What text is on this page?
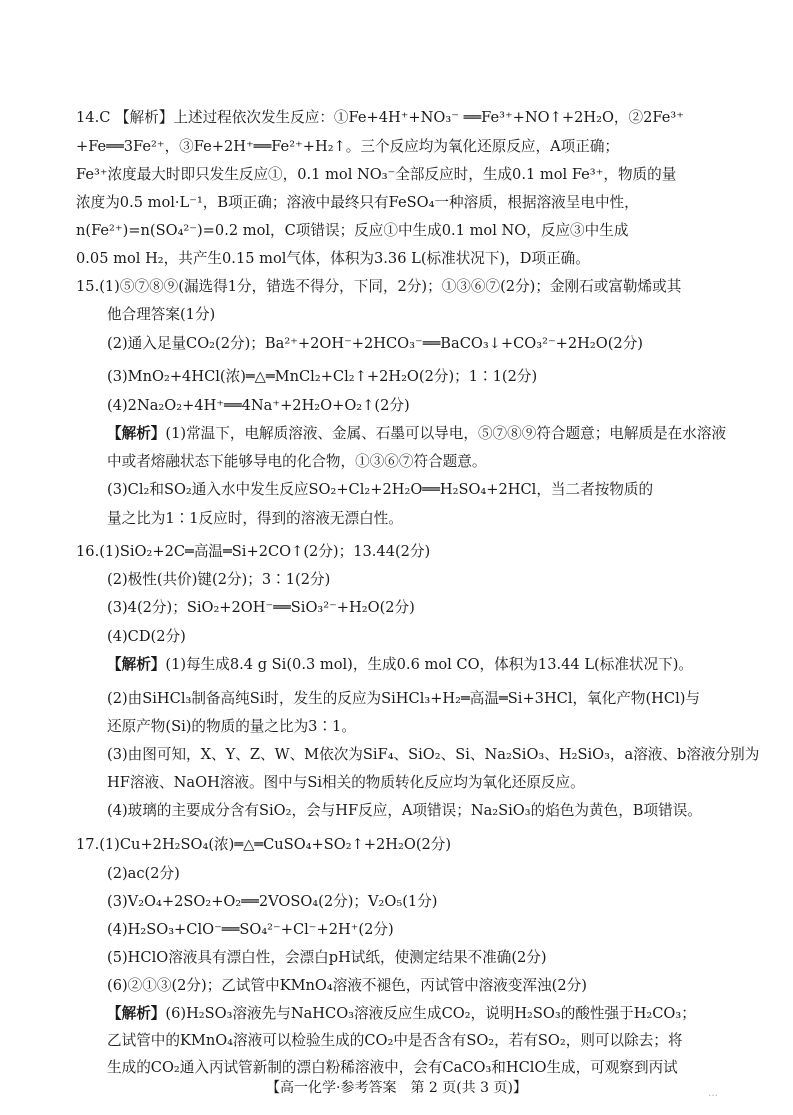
14.C 【解析】上述过程依次发生反应：①Fe+4H⁺+NO₃⁻ ══Fe³⁺+NO↑+2H₂O，②2Fe³⁺
+Fe══3Fe²⁺，③Fe+2H⁺══Fe²⁺+H₂↑。三个反应均为氧化还原反应，A项正确；
Fe³⁺浓度最大时即只发生反应①，0.1 mol NO₃⁻全部反应时，生成0.1 mol Fe³⁺，物质的量
浓度为0.5 mol·L⁻¹，B项正确；溶液中最终只有FeSO₄一种溶质，根据溶液呈电中性，
n(Fe²⁺)=n(SO₄²⁻)=0.2 mol，C项错误；反应①中生成0.1 mol NO，反应③中生成
0.05 mol H₂，共产生0.15 mol气体，体积为3.36 L(标准状况下)，D项正确。
15.(1)⑤⑦⑧⑨(漏选得1分，错选不得分，下同，2分)；①③⑥⑦(2分)；金刚石或富勒烯或其
他合理答案(1分)
(2)通入足量CO₂(2分)；Ba²⁺+2OH⁻+2HCO₃⁻══BaCO₃↓+CO₃²⁻+2H₂O(2分)
(3)MnO₂+4HCl(浓)═△═MnCl₂+Cl₂↑+2H₂O(2分)；1∶1(2分)
(4)2Na₂O₂+4H⁺══4Na⁺+2H₂O+O₂↑(2分)
【解析】(1)常温下，电解质溶液、金属、石墨可以导电，⑤⑦⑧⑨符合题意；电解质是在水溶液
中或者熔融状态下能够导电的化合物，①③⑥⑦符合题意。
(3)Cl₂和SO₂通入水中发生反应SO₂+Cl₂+2H₂O══H₂SO₄+2HCl，当二者按物质的
量之比为1∶1反应时，得到的溶液无漂白性。
16.(1)SiO₂+2C═高温═Si+2CO↑(2分)；13.44(2分)
(2)极性(共价)键(2分)；3∶1(2分)
(3)4(2分)；SiO₂+2OH⁻══SiO₃²⁻+H₂O(2分)
(4)CD(2分)
【解析】(1)每生成8.4 g Si(0.3 mol)，生成0.6 mol CO，体积为13.44 L(标准状况下)。
(2)由SiHCl₃制备高纯Si时，发生的反应为SiHCl₃+H₂═高温═Si+3HCl，氧化产物(HCl)与
还原产物(Si)的物质的量之比为3∶1。
(3)由图可知，X、Y、Z、W、M依次为SiF₄、SiO₂、Si、Na₂SiO₃、H₂SiO₃，a溶液、b溶液分别为
HF溶液、NaOH溶液。图中与Si相关的物质转化反应均为氧化还原反应。
(4)玻璃的主要成分含有SiO₂，会与HF反应，A项错误；Na₂SiO₃的焰色为黄色，B项错误。
17.(1)Cu+2H₂SO₄(浓)═△═CuSO₄+SO₂↑+2H₂O(2分)
(2)ac(2分)
(3)V₂O₄+2SO₂+O₂══2VOSO₄(2分)；V₂O₅(1分)
(4)H₂SO₃+ClO⁻══SO₄²⁻+Cl⁻+2H⁺(2分)
(5)HClO溶液具有漂白性，会漂白pH试纸，使测定结果不准确(2分)
(6)②①③(2分)；乙试管中KMnO₄溶液不褪色，丙试管中溶液变浑浊(2分)
【解析】(6)H₂SO₃溶液先与NaHCO₃溶液反应生成CO₂，说明H₂SO₃的酸性强于H₂CO₃；
乙试管中的KMnO₄溶液可以检验生成的CO₂中是否含有SO₂，若有SO₂，则可以除去；将
生成的CO₂通入丙试管新制的漂白粉稀溶液中，会有CaCO₃和HClO生成，可观察到丙试
【高一化学·参考答案　第 2 页(共 3 页)】	…
